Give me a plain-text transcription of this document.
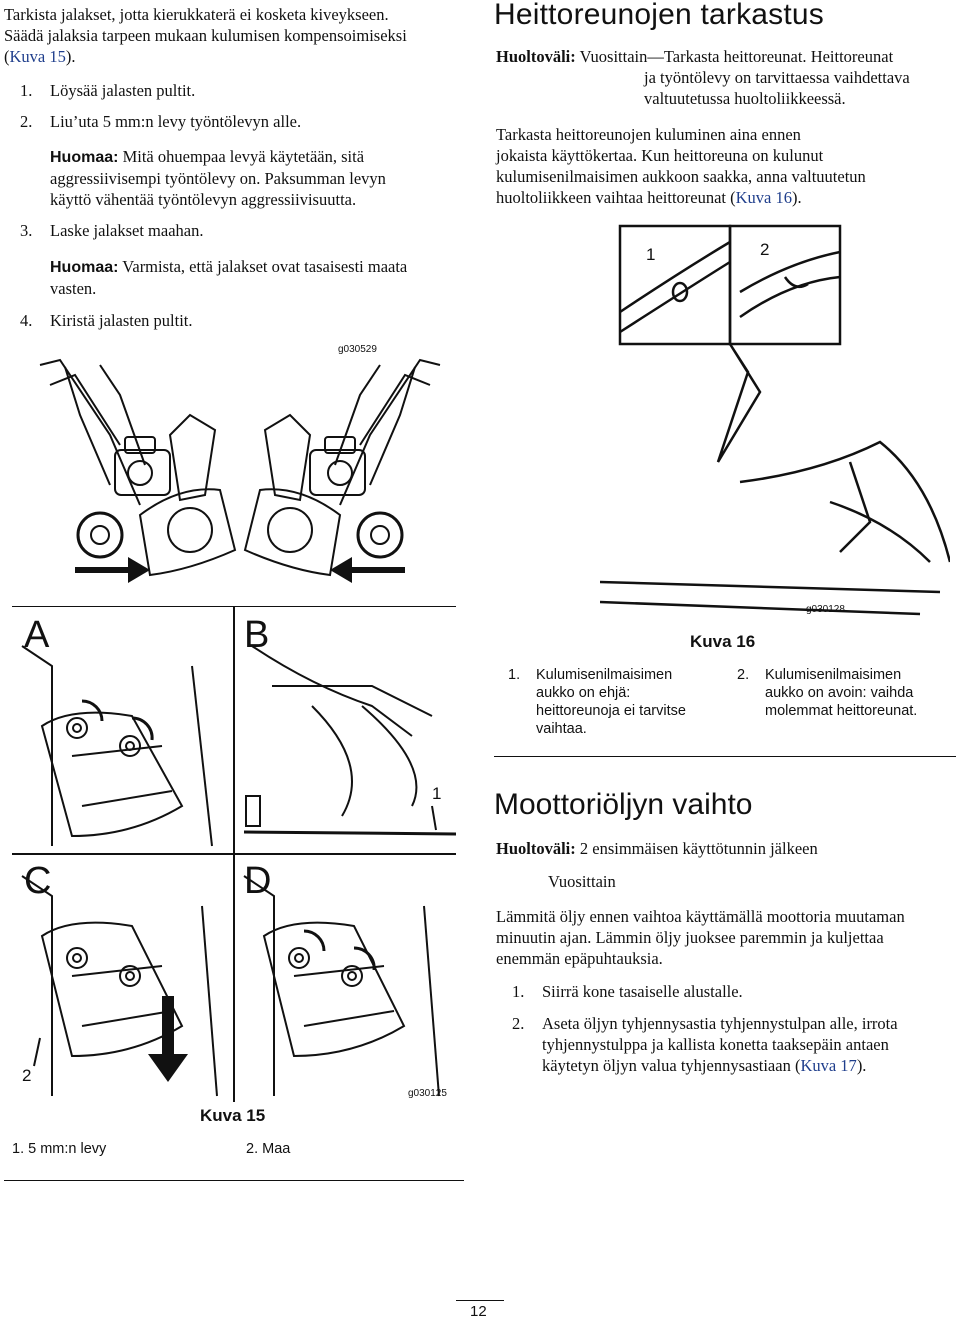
Tarkista jalakset, jotta kierukkaterä ei kosketa kiveykseen.
Säädä jalaksia tarpeen mukaan kulumisen kompensoimiseksi
(Kuva 15).
1. Löysää jalasten pultit.
2. Liu’uta 5 mm:n levy työntölevyn alle.
Huomaa: Mitä ohuempaa levyä käytetään, sitä
aggressiivisempi työntölevy on. Paksumman levyn
käyttö vähentää työntölevyn aggressiivisuutta.
3. Laske jalakset maahan.
Huomaa: Varmista, että jalakset ovat tasaisesti maata
vasten.
4. Kiristä jalasten pultit.
g030529
A	B
C	D
1
2
g030125
Kuva 15
1. 5 mm:n levy	2. Maa
Heittoreunojen tarkastus
Huoltoväli: Vuosittain—Tarkasta heittoreunat. Heittoreunat
ja työntölevy on tarvittaessa vaihdettava
valtuutetussa huoltoliikkeessä.
Tarkasta heittoreunojen kuluminen aina ennen
jokaista käyttökertaa. Kun heittoreuna on kulunut
kulumisenilmaisimen aukkoon saakka, anna valtuutetun
huoltoliikkeen vaihtaa heittoreunat (Kuva 16).
1	2
g030128
Kuva 16
1.	Kulumisenilmaisimen
aukko on ehjä:
heittoreunoja ei tarvitse
vaihtaa.
2.	Kulumisenilmaisimen
aukko on avoin: vaihda
molemmat heittoreunat.
Moottoriöljyn vaihto
Huoltoväli: 2 ensimmäisen käyttötunnin jälkeen
Vuosittain
Lämmitä öljy ennen vaihtoa käyttämällä moottoria muutaman
minuutin ajan. Lämmin öljy juoksee paremmin ja kuljettaa
enemmän epäpuhtauksia.
1. Siirrä kone tasaiselle alustalle.
2. Aseta öljyn tyhjennysastia tyhjennystulpan alle, irrota
tyhjennystulppa ja kallista konetta taaksepäin antaen
käytetyn öljyn valua tyhjennysastiaan (Kuva 17).
12
